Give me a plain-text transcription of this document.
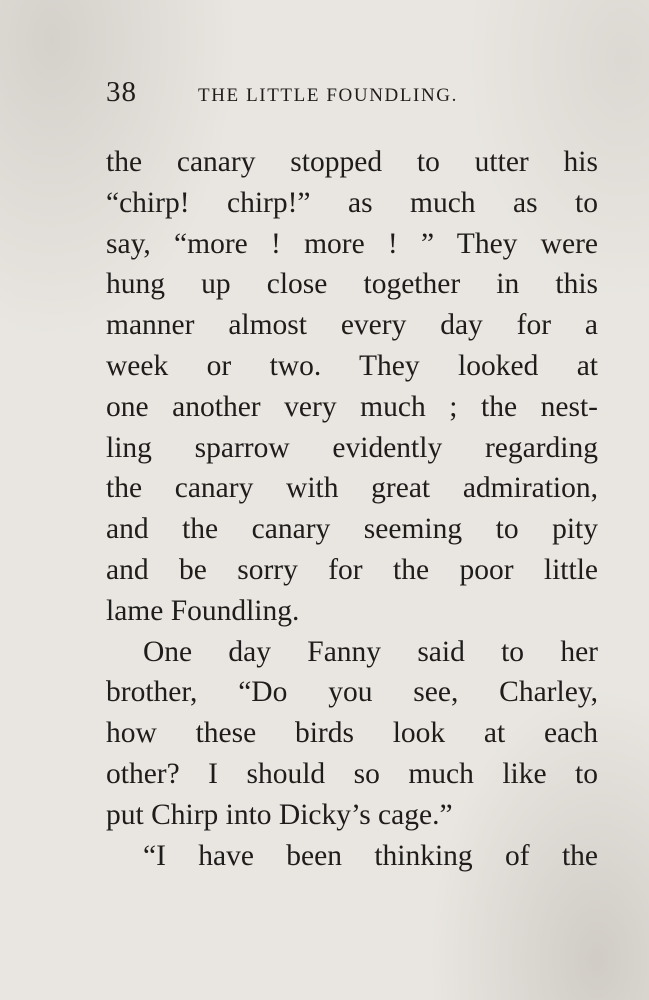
38	THE LITTLE FOUNDLING.
the canary stopped to utter his
“chirp! chirp!” as much as to
say, “more ! more ! ” They were
hung up close together in this
manner almost every day for a
week or two. They looked at
one another very much ; the nest-
ling sparrow evidently regarding
the canary with great admiration,
and the canary seeming to pity
and be sorry for the poor little
lame Foundling.
One day Fanny said to her
brother, “Do you see, Charley,
how these birds look at each
other? I should so much like to
put Chirp into Dicky’s cage.”
“I have been thinking of the
